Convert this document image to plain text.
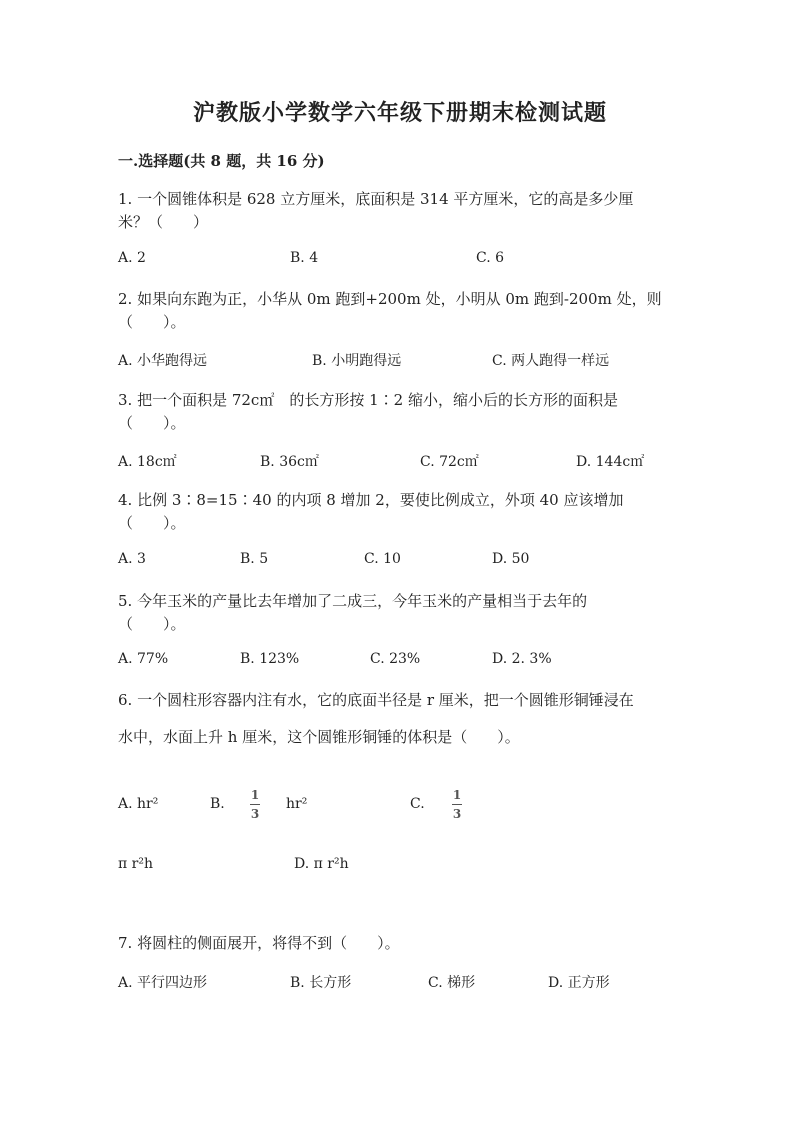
沪教版小学数学六年级下册期末检测试题
一.选择题(共 8 题，共 16 分)
1. 一个圆锥体积是 628 立方厘米，底面积是 314 平方厘米，它的高是多少厘
米？（　　）
A. 2	B. 4	C. 6
2. 如果向东跑为正，小华从 0m 跑到+200m 处，小明从 0m 跑到-200m 处，则
（　　）。
A. 小华跑得远	B. 小明跑得远	C. 两人跑得一样远
3. 把一个面积是 72c㎡　的长方形按 1∶2 缩小，缩小后的长方形的面积是
（　　）。
A. 18c㎡	B. 36c㎡	C. 72c㎡	D. 144c㎡
4. 比例 3∶8=15∶40 的内项 8 增加 2，要使比例成立，外项 40 应该增加
（　　）。
A. 3	B. 5	C. 10	D. 50
5. 今年玉米的产量比去年增加了二成三，今年玉米的产量相当于去年的
（　　）。
A. 77%	B. 123%	C. 23%	D. 2. 3%
6. 一个圆柱形容器内注有水，它的底面半径是 r 厘米，把一个圆锥形铜锤浸在
水中，水面上升 h 厘米，这个圆锥形铜锤的体积是（　　）。
A. hr²	B.
1
3
hr²	C.
1
3
π r²h	D. π r²h
7. 将圆柱的侧面展开，将得不到（　　）。
A. 平行四边形	B. 长方形	C. 梯形	D. 正方形
